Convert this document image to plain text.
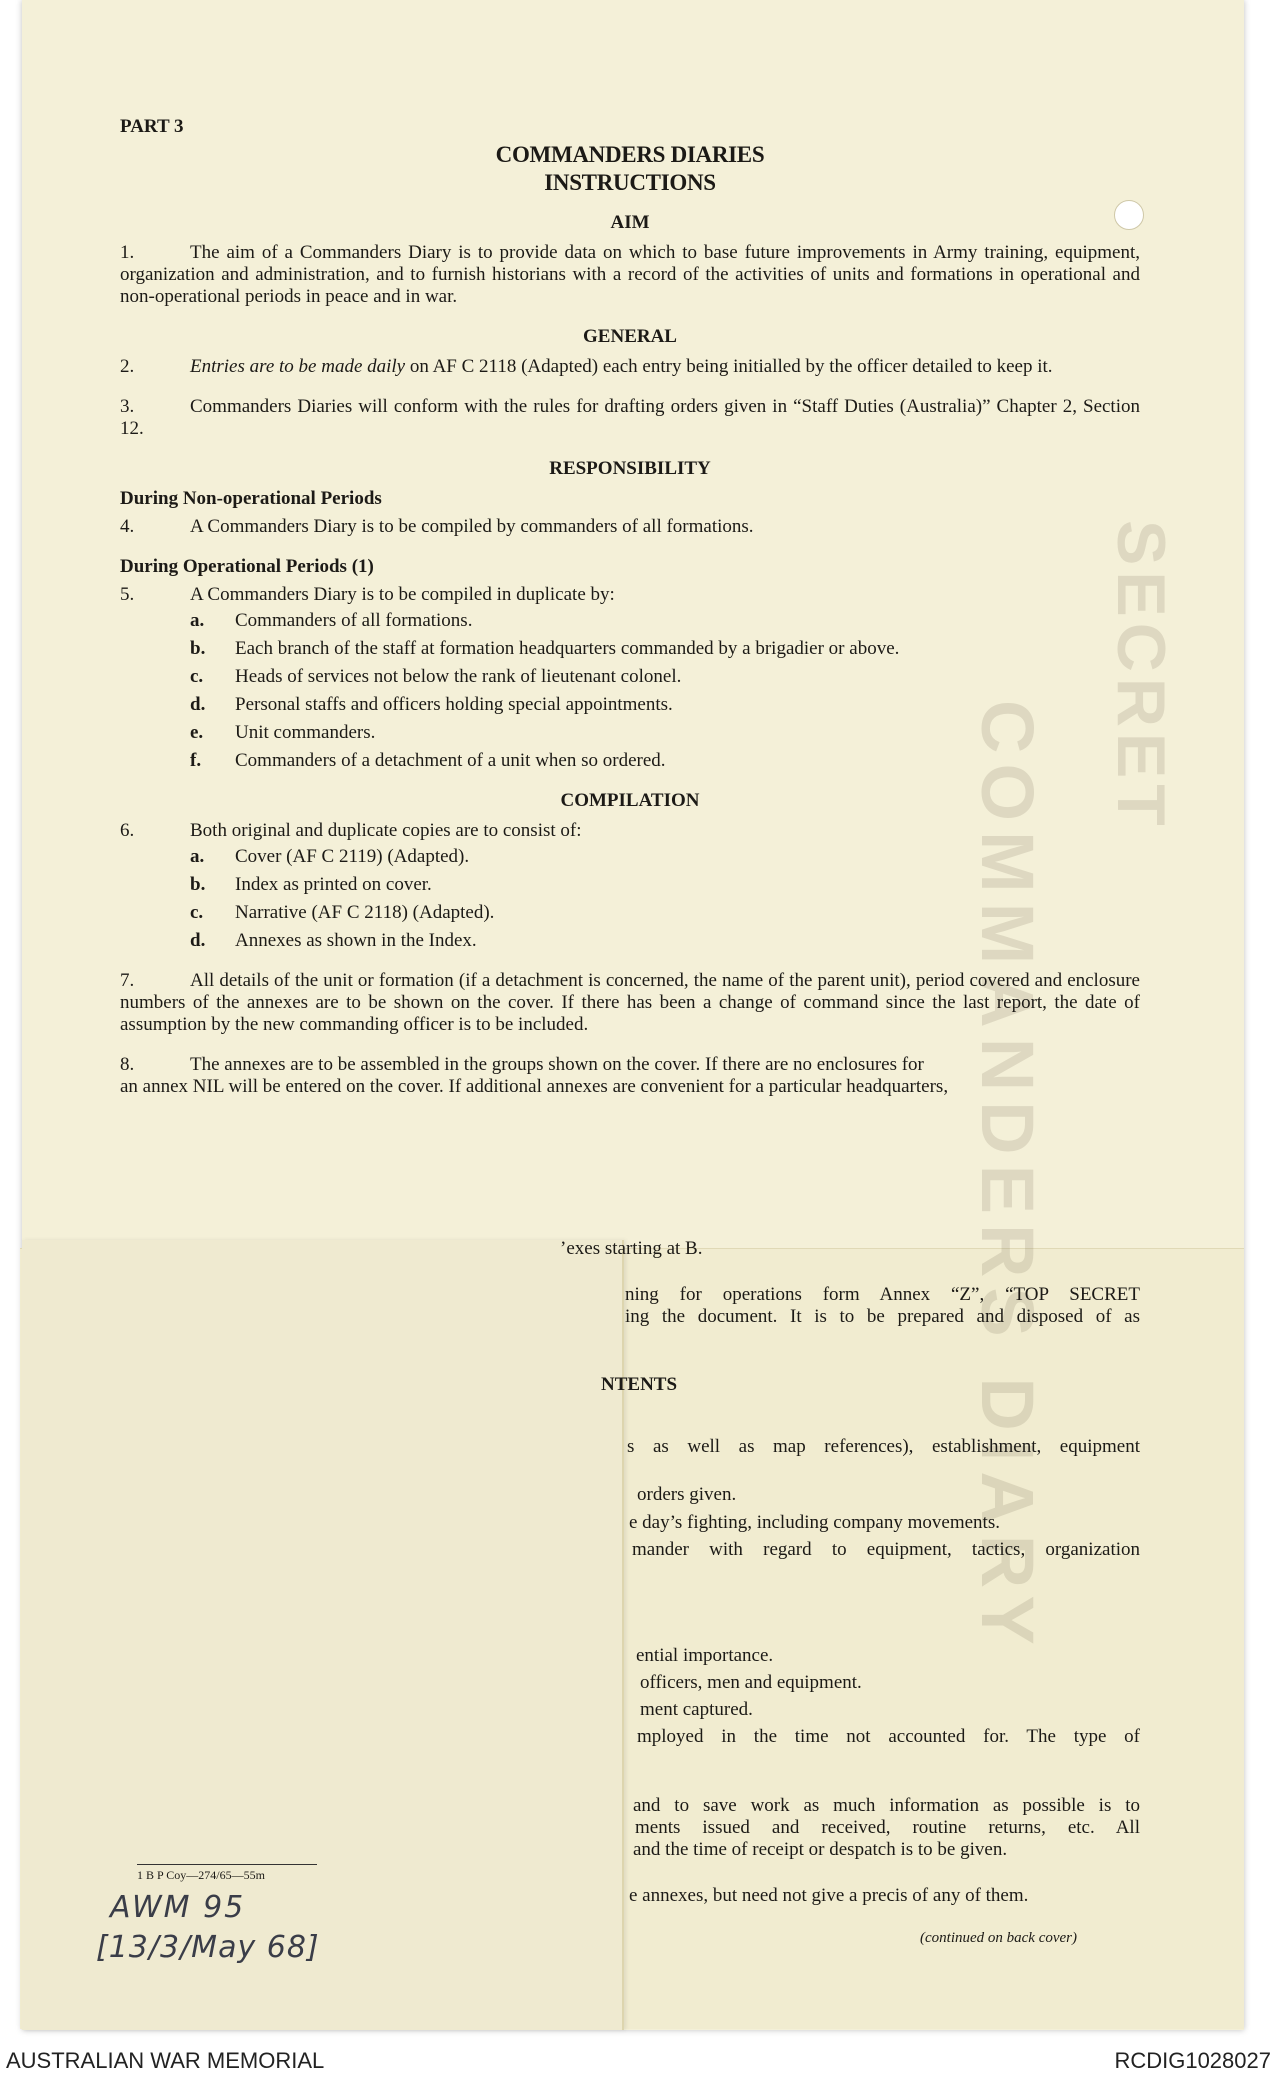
COMMANDERS DIARY
SECRET
PART 3
COMMANDERS DIARIES
INSTRUCTIONS
AIM

1.	The aim of a Commanders Diary is to provide data on which to base future improvements in Army training, equipment, organization and administration, and to furnish historians with a record of the activities of units and formations in operational and non-operational periods in peace and in war.

GENERAL

2.	Entries are to be made daily on AF C 2118 (Adapted) each entry being initialled by the officer detailed to keep it.

3.	Commanders Diaries will conform with the rules for drafting orders given in “Staff Duties (Australia)” Chapter 2, Section 12.

RESPONSIBILITY
During Non-operational Periods

4.	A Commanders Diary is to be compiled by commanders of all formations.

During Operational Periods (1)

5.	A Commanders Diary is to be compiled in duplicate by:

a.	Commanders of all formations.
b.	Each branch of the staff at formation headquarters commanded by a brigadier or above.
c.	Heads of services not below the rank of lieutenant colonel.
d.	Personal staffs and officers holding special appointments.
e.	Unit commanders.
f.	Commanders of a detachment of a unit when so ordered.
COMPILATION

6.	Both original and duplicate copies are to consist of:

a.	Cover (AF C 2119) (Adapted).
b.	Index as printed on cover.
c.	Narrative (AF C 2118) (Adapted).
d.	Annexes as shown in the Index.

7.	All details of the unit or formation (if a detachment is concerned, the name of the parent unit), period covered and enclosure numbers of the annexes are to be shown on the cover. If there has been a change of command since the last report, the date of assumption by the new commanding officer is to be included.

8.	The annexes are to be assembled in the groups shown on the cover. If there are no enclosures for
an annex NIL will be entered on the cover. If additional annexes are convenient for a particular headquarters,

’exes starting at B.
ning for operations form Annex “Z”, “TOP SECRET
ing the document. It is to be prepared and disposed of as
NTENTS
s as well as map references), establishment, equipment
orders given.
e day’s fighting, including company movements.
mander with regard to equipment, tactics, organization
ential importance.
officers, men and equipment.
ment captured.
mployed in the time not accounted for. The type of
and to save work as much information as possible is to
ments issued and received, routine returns, etc. All
and the time of receipt or despatch is to be given.
e annexes, but need not give a precis of any of them.
1 B P Coy—274/65—55m
AWM 95
[13/3/May 68]	(continued on back cover)
AUSTRALIAN WAR MEMORIAL	RCDIG1028027
